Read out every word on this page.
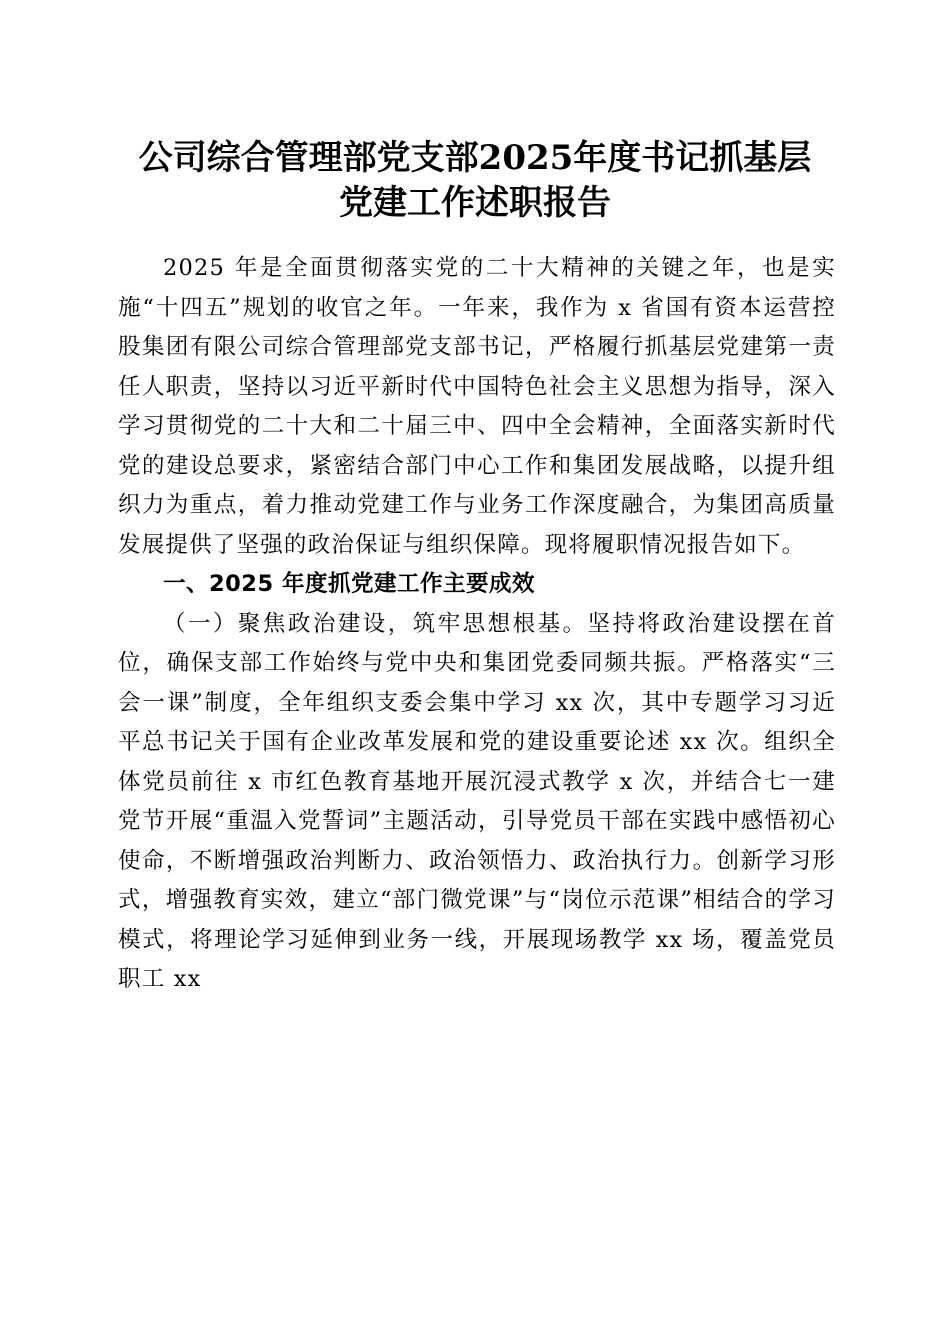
公司综合管理部党支部2025年度书记抓基层
党建工作述职报告

2025 年是全面贯彻落实党的二十大精神的关键之年，也是实施“十四五”规划的收官之年。一年来，我作为 x 省国有资本运营控股集团有限公司综合管理部党支部书记，严格履行抓基层党建第一责任人职责，坚持以习近平新时代中国特色社会主义思想为指导，深入学习贯彻党的二十大和二十届三中、四中全会精神，全面落实新时代党的建设总要求，紧密结合部门中心工作和集团发展战略，以提升组织力为重点，着力推动党建工作与业务工作深度融合，为集团高质量发展提供了坚强的政治保证与组织保障。现将履职情况报告如下。

一、2025 年度抓党建工作主要成效

（一）聚焦政治建设，筑牢思想根基。坚持将政治建设摆在首位，确保支部工作始终与党中央和集团党委同频共振。严格落实“三会一课”制度，全年组织支委会集中学习 xx 次，其中专题学习习近平总书记关于国有企业改革发展和党的建设重要论述 xx 次。组织全体党员前往 x 市红色教育基地开展沉浸式教学 x 次，并结合七一建党节开展“重温入党誓词”主题活动，引导党员干部在实践中感悟初心使命，不断增强政治判断力、政治领悟力、政治执行力。创新学习形式，增强教育实效，建立“部门微党课”与“岗位示范课”相结合的学习模式，将理论学习延伸到业务一线，开展现场教学 xx 场，覆盖党员职工 xx
